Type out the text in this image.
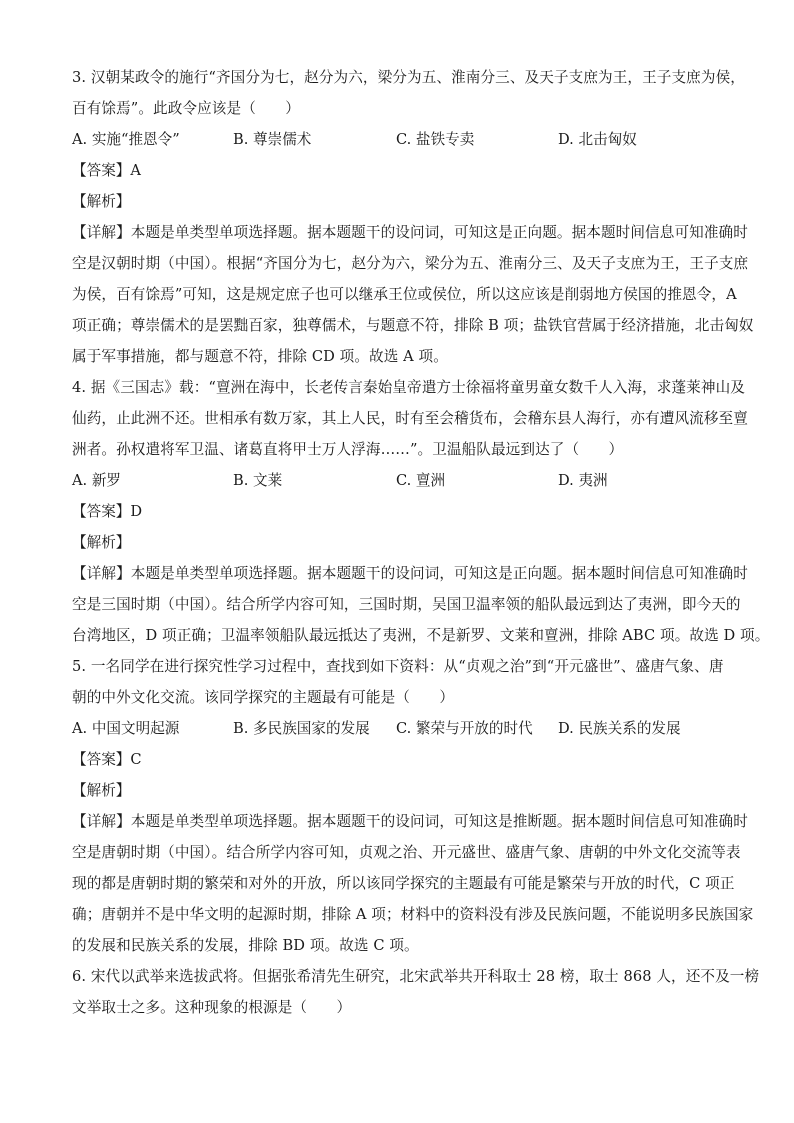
3. 汉朝某政令的施行“齐国分为七，赵分为六，梁分为五、淮南分三、及天子支庶为王，王子支庶为侯，
百有馀焉”。此政令应该是（　　）
A. 实施“推恩令”	B. 尊崇儒术	C. 盐铁专卖	D. 北击匈奴
【答案】A
【解析】
【详解】本题是单类型单项选择题。据本题题干的设问词，可知这是正向题。据本题时间信息可知准确时
空是汉朝时期（中国）。根据“齐国分为七，赵分为六，梁分为五、淮南分三、及天子支庶为王，王子支庶
为侯，百有馀焉”可知，这是规定庶子也可以继承王位或侯位，所以这应该是削弱地方侯国的推恩令，A
项正确；尊崇儒术的是罢黜百家，独尊儒术，与题意不符，排除 B 项；盐铁官营属于经济措施，北击匈奴
属于军事措施，都与题意不符，排除 CD 项。故选 A 项。
4. 据《三国志》载：“亶洲在海中，长老传言秦始皇帝遣方士徐福将童男童女数千人入海，求蓬莱神山及
仙药，止此洲不还。世相承有数万家，其上人民，时有至会稽货布，会稽东县人海行，亦有遭风流移至亶
洲者。孙权遣将军卫温、诸葛直将甲士万人浮海……”。卫温船队最远到达了（　　）
A. 新罗	B. 文莱	C. 亶洲	D. 夷洲
【答案】D
【解析】
【详解】本题是单类型单项选择题。据本题题干的设问词，可知这是正向题。据本题时间信息可知准确时
空是三国时期（中国）。结合所学内容可知，三国时期，吴国卫温率领的船队最远到达了夷洲，即今天的
台湾地区，D 项正确；卫温率领船队最远抵达了夷洲，不是新罗、文莱和亶洲，排除 ABC 项。故选 D 项。
5. 一名同学在进行探究性学习过程中，查找到如下资料：从“贞观之治”到“开元盛世”、盛唐气象、唐
朝的中外文化交流。该同学探究的主题最有可能是（　　）
A. 中国文明起源	B. 多民族国家的发展 C. 繁荣与开放的时代 D. 民族关系的发展
【答案】C
【解析】
【详解】本题是单类型单项选择题。据本题题干的设问词，可知这是推断题。据本题时间信息可知准确时
空是唐朝时期（中国）。结合所学内容可知，贞观之治、开元盛世、盛唐气象、唐朝的中外文化交流等表
现的都是唐朝时期的繁荣和对外的开放，所以该同学探究的主题最有可能是繁荣与开放的时代，C 项正
确；唐朝并不是中华文明的起源时期，排除 A 项；材料中的资料没有涉及民族问题，不能说明多民族国家
的发展和民族关系的发展，排除 BD 项。故选 C 项。
6. 宋代以武举来选拔武将。但据张希清先生研究，北宋武举共开科取士 28 榜，取士 868 人，还不及一榜
文举取士之多。这种现象的根源是（　　）
